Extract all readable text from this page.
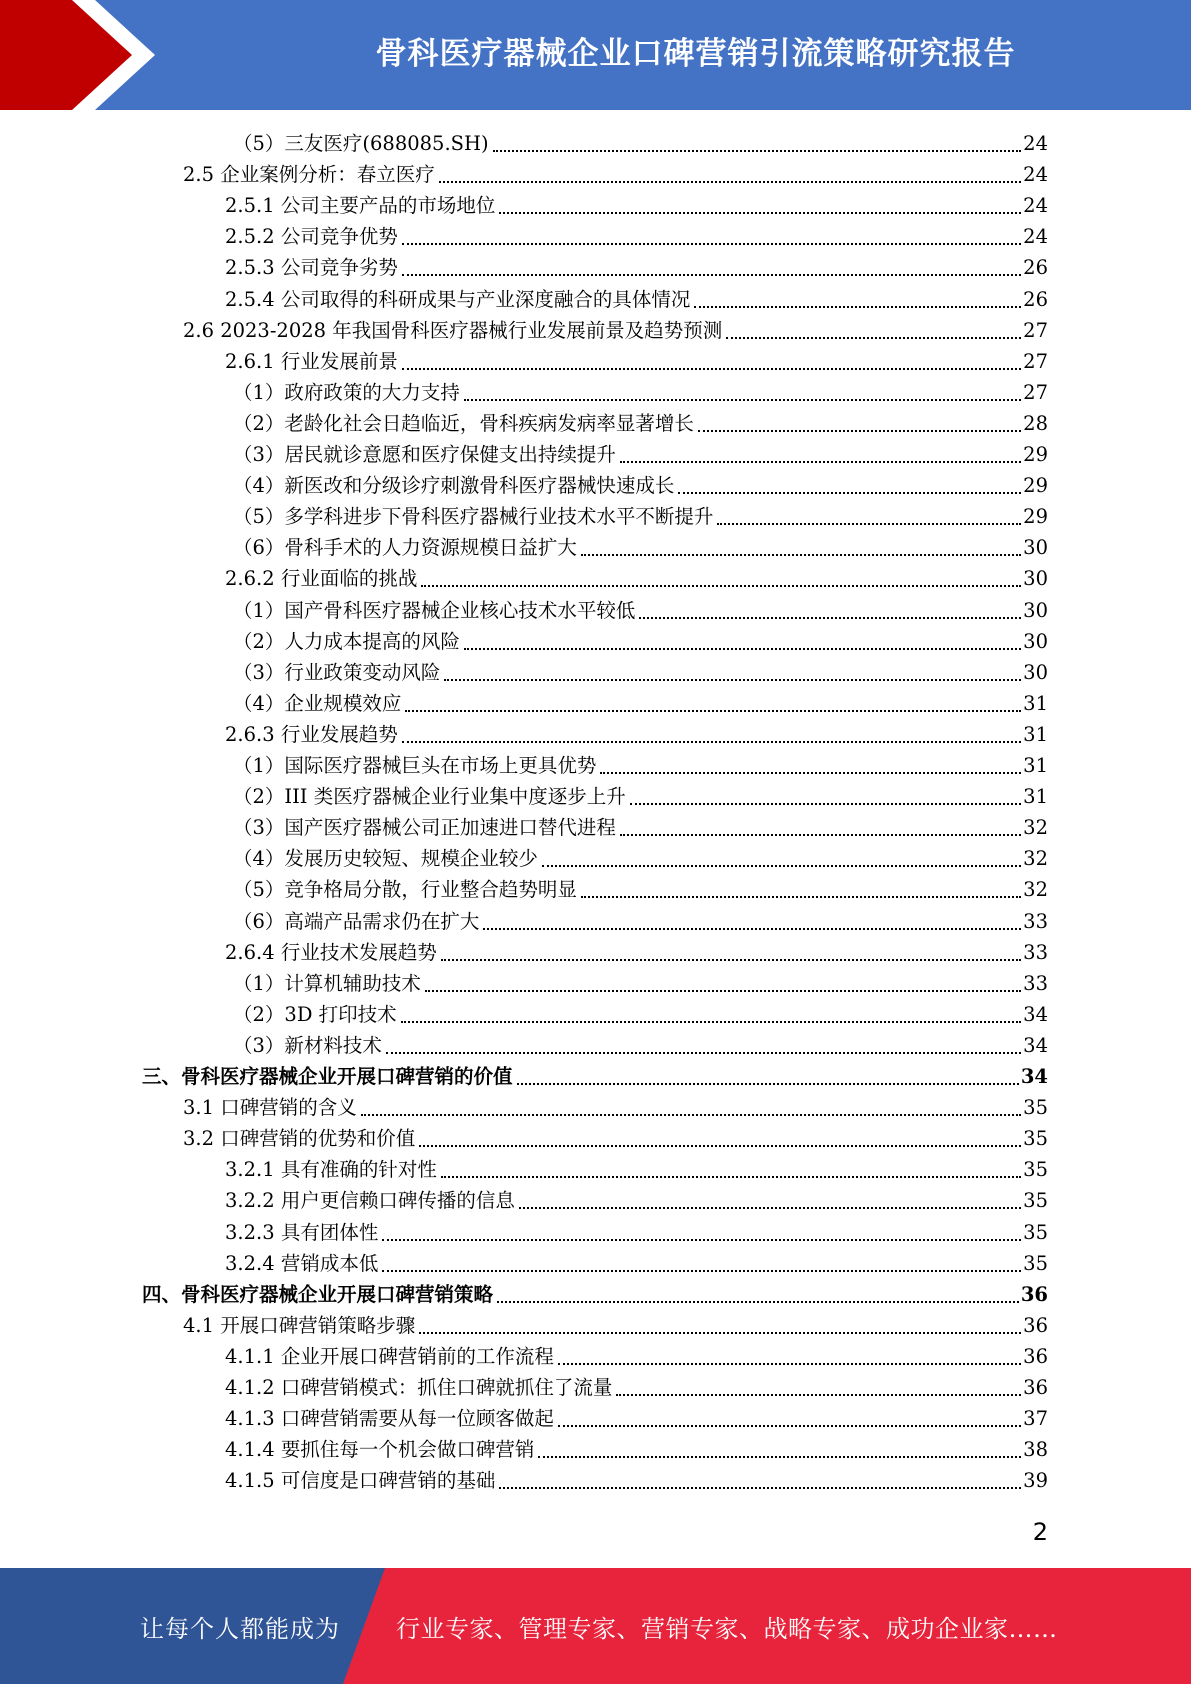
骨科医疗器械企业口碑营销引流策略研究报告
（5）三友医疗(688085.SH)	24
2.5 企业案例分析：春立医疗	24
2.5.1 公司主要产品的市场地位	24
2.5.2 公司竞争优势	24
2.5.3 公司竞争劣势	26
2.5.4 公司取得的科研成果与产业深度融合的具体情况	26
2.6 2023-2028 年我国骨科医疗器械行业发展前景及趋势预测	27
2.6.1 行业发展前景	27
（1）政府政策的大力支持	27
（2）老龄化社会日趋临近，骨科疾病发病率显著增长	28
（3）居民就诊意愿和医疗保健支出持续提升	29
（4）新医改和分级诊疗刺激骨科医疗器械快速成长	29
（5）多学科进步下骨科医疗器械行业技术水平不断提升	29
（6）骨科手术的人力资源规模日益扩大	30
2.6.2 行业面临的挑战	30
（1）国产骨科医疗器械企业核心技术水平较低	30
（2）人力成本提高的风险	30
（3）行业政策变动风险	30
（4）企业规模效应	31
2.6.3 行业发展趋势	31
（1）国际医疗器械巨头在市场上更具优势	31
（2）III 类医疗器械企业行业集中度逐步上升	31
（3）国产医疗器械公司正加速进口替代进程	32
（4）发展历史较短、规模企业较少	32
（5）竞争格局分散，行业整合趋势明显	32
（6）高端产品需求仍在扩大	33
2.6.4 行业技术发展趋势	33
（1）计算机辅助技术	33
（2）3D 打印技术	34
（3）新材料技术	34
三、骨科医疗器械企业开展口碑营销的价值	34
3.1 口碑营销的含义	35
3.2 口碑营销的优势和价值	35
3.2.1 具有准确的针对性	35
3.2.2 用户更信赖口碑传播的信息	35
3.2.3 具有团体性	35
3.2.4 营销成本低	35
四、骨科医疗器械企业开展口碑营销策略	36
4.1 开展口碑营销策略步骤	36
4.1.1 企业开展口碑营销前的工作流程	36
4.1.2 口碑营销模式：抓住口碑就抓住了流量	36
4.1.3 口碑营销需要从每一位顾客做起	37
4.1.4 要抓住每一个机会做口碑营销	38
4.1.5 可信度是口碑营销的基础	39
2
让每个人都能成为 行业专家、管理专家、营销专家、战略专家、成功企业家……
